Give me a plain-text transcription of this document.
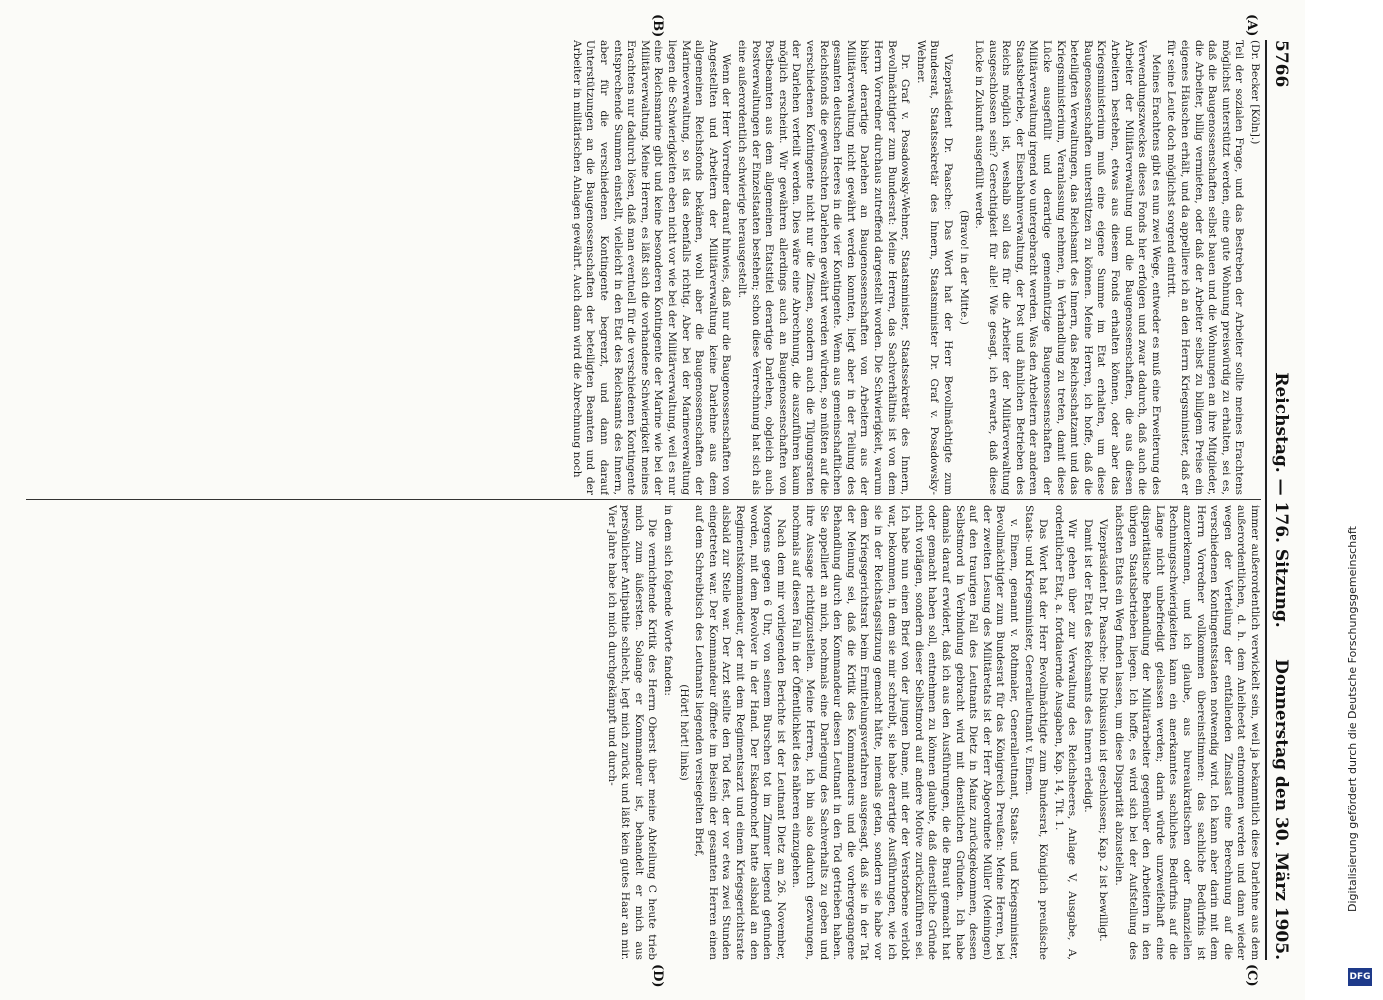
5766
Reichstag. — 176. Sitzung.
Donnerstag den 30. März 1905.
(A)
(B)
(C)
(D)

(Dr. Becker [Köln].)

Teil der sozialen Frage, und das Bestreben der Arbeiter sollte meines Erachtens möglichst unterstützt werden, eine gute Wohnung preiswürdig zu erhalten, sei es, daß die Baugenossenschaften selbst bauen und die Wohnungen an ihre Mitglieder, die Arbeiter, billig vermieten, oder daß der Arbeiter selbst zu billigem Preise ein eigenes Häuschen erhält, und da appelliere ich an den Herrn Kriegsminister, daß er für seine Leute doch möglichst sorgend eintritt.

Meines Erachtens gibt es nun zwei Wege, entweder es muß eine Erweiterung des Verwendungszweckes dieses Fonds hier erfolgen und zwar dadurch, daß auch die Arbeiter der Militärverwaltung und die Baugenossenschaften, die aus diesen Arbeitern bestehen, etwas aus diesem Fonds erhalten können, oder aber das Kriegsministerium muß eine eigene Summe im Etat erhalten, um diese Baugenossenschaften unterstützen zu können. Meine Herren, ich hoffe, daß die beteiligten Verwaltungen, das Reichsamt des Innern, das Reichsschatzamt und das Kriegsministerium, Veranlassung nehmen, in Verhandlung zu treten, damit diese Lücke ausgefüllt und derartige gemeinnützige Baugenossenschaften der Militärverwaltung irgend wo untergebracht werden. Was den Arbeitern der anderen Staatsbetriebe, der Eisenbahnverwaltung, der Post und ähnlichen Betrieben des Reichs möglich ist, weshalb soll das für die Arbeiter der Militärverwaltung ausgeschlossen sein? Gerechtigkeit für alle! Wie gesagt, ich erwarte, daß diese Lücke in Zukunft ausgefüllt werde.

(Bravo! in der Mitte.)

Vizepräsident Dr. Paasche: Das Wort hat der Herr Bevollmächtigte zum Bundesrat, Staatssekretär des Innern, Staatsminister Dr. Graf v. Posadowsky-Wehner.

Dr. Graf v. Posadowsky-Wehner, Staatsminister, Staatssekretär des Innern, Bevollmächtigter zum Bundesrat: Meine Herren, das Sachverhältnis ist von dem Herrn Vorredner durchaus zutreffend dargestellt worden. Die Schwierigkeit, warum bisher derartige Darlehen an Baugenossenschaften von Arbeitern aus der Militärverwaltung nicht gewährt werden konnten, liegt aber in der Teilung des gesamten deutschen Heeres in die vier Kontingente. Wenn aus gemeinschaftlichen Reichsfonds die gewünschten Darlehen gewährt werden würden, so müßten auf die verschiedenen Kontingente nicht nur die Zinsen, sondern auch die Tilgungsraten der Darlehen verteilt werden. Dies wäre eine Abrechnung, die auszuführen kaum möglich erscheint. Wir gewähren allerdings auch an Baugenossenschaften von Postbeamten aus dem allgemeinen Etatstitel derartige Darlehen, obgleich auch Postverwaltungen der Einzelstaaten bestehen; schon diese Verrechnung hat sich als eine außerordentlich schwierige herausgestellt.

Wenn der Herr Vorredner darauf hinwies, daß nur die Baugenossenschaften von Angestellten und Arbeitern der Militärverwaltung keine Darlehne aus dem allgemeinen Reichsfonds bekämen, wohl aber die Baugenossenschaften der Marineverwaltung, so ist das ebenfalls richtig. Aber bei der Marineverwaltung liegen die Schwierigkeiten eben nicht vor wie bei der Militärverwaltung, weil es nur eine Reichsmarine gibt und keine besonderen Kontingente der Marine wie bei der Militärverwaltung. Meine Herren, es läßt sich die vorhandene Schwierigkeit meines Erachtens nur dadurch lösen, daß man eventuell für die verschiedenen Kontingente entsprechende Summen einstellt, vielleicht in den Etat des Reichsamts des Innern, aber für die verschiedenen Kontingente begrenzt, und dann darauf Unterstützungen an die Baugenossenschaften der beteiligten Beamten und der Arbeiter in militärischen Anlagen gewährt. Auch dann wird die Abrechnung noch

immer außerordentlich verwickelt sein, weil ja bekanntlich diese Darlehne aus dem außerordentlichen, d. h. dem Anleiheetat entnommen werden und dann wieder wegen der Verteilung der entfallenden Zinslast eine Berechnung auf die verschiedenen Kontingentsstaaten notwendig wird. Ich kann aber darin mit dem Herrn Vorredner vollkommen übereinstimmen: das sachliche Bedürfnis ist anzuerkennen, und ich glaube, aus bureaukratischen oder finanziellen Rechnungsschwierigkeiten kann ein anerkanntes sachliches Bedürfnis auf die Länge nicht unbefriedigt gelassen werden; darin würde unzweifelhaft eine disparitätische Behandlung der Militärarbeiter gegenüber den Arbeitern in den übrigen Staatsbetrieben liegen. Ich hoffe, es wird sich bei der Aufstellung des nächsten Etats ein Weg finden lassen, um diese Disparität abzustellen.

Vizepräsident Dr. Paasche: Die Diskussion ist geschlossen; Kap. 2 ist bewilligt.

Damit ist der Etat des Reichsamts des Innern erledigt.

Wir gehen über zur Verwaltung des Reichsheeres, Anlage V, Ausgabe, A, ordentlicher Etat, a. fortdauernde Ausgaben, Kap. 14, Tit. 1.

Das Wort hat der Herr Bevollmächtigte zum Bundesrat, Königlich preußische Staats- und Kriegsminister, Generalleutnant v. Einem.

v. Einem, genannt v. Rothmaler, Generalleutnant, Staats- und Kriegsminister, Bevollmächtigter zum Bundesrat für das Königreich Preußen: Meine Herren, bei der zweiten Lesung des Militäretats ist der Herr Abgeordnete Müller (Meiningen) auf den traurigen Fall des Leutnants Dietz in Mainz zurückgekommen, dessen Selbstmord in Verbindung gebracht wird mit dienstlichen Gründen. Ich habe damals darauf erwidert, daß ich aus den Ausführungen, die die Braut gemacht hat oder gemacht haben soll, entnehmen zu können glaubte, daß dienstliche Gründe nicht vorlägen, sondern dieser Selbstmord auf andere Motive zurückzuführen sei. Ich habe nun einen Brief von der jungen Dame, mit der der Verstorbene verlobt war, bekommen, in dem sie mir schreibt, sie habe derartige Ausführungen, wie ich sie in der Reichstagssitzung gemacht hätte, niemals getan, sondern sie habe vor dem Kriegsgerichtsrat beim Ermittelungsverfahren ausgesagt, daß sie in der Tat der Meinung sei, daß die Kritik des Kommandeurs und die vorhergegangene Behandlung durch den Kommandeur diesen Leutnant in den Tod getrieben haben. Sie appelliert an mich, nochmals eine Darlegung des Sachverhalts zu geben und ihre Aussage richtigzustellen. Meine Herren, ich bin also dadurch gezwungen, nochmals auf diesen Fall in der Öffentlichkeit des näheren einzugehen.

Nach dem mir vorliegenden Berichte ist der Leutnant Dietz am 26. November, Morgens gegen 6 Uhr, von seinem Burschen tot im Zimmer liegend gefunden worden, mit dem Revolver in der Hand. Der Eskadronchef hatte alsbald an den Regimentskommandeur, der mit dem Regimentsarzt und einem Kriegsgerichtsrate alsbald zur Stelle war. Der Arzt stellte den Tod fest, der vor etwa zwei Stunden eingetreten war. Der Kommandeur öffnete im Beisein der gesamten Herren einen auf dem Schreibtisch des Leutnants liegenden versiegelten Brief,

(Hört! hört! links)

in dem sich folgende Worte fanden:

Die vernichtende Kritik des Herrn Oberst über meine Abteilung C heute trieb mich zum äußersten. Solange er Kommandeur ist, behandelt er mich aus persönlicher Antipathie schlecht, legt mich zurück und läßt kein gutes Haar an mir. Vier Jahre habe ich mich durchgekämpft und durch-	Digitalisierung gefördert durch die Deutsche Forschungsgemeinschaft
DFG
